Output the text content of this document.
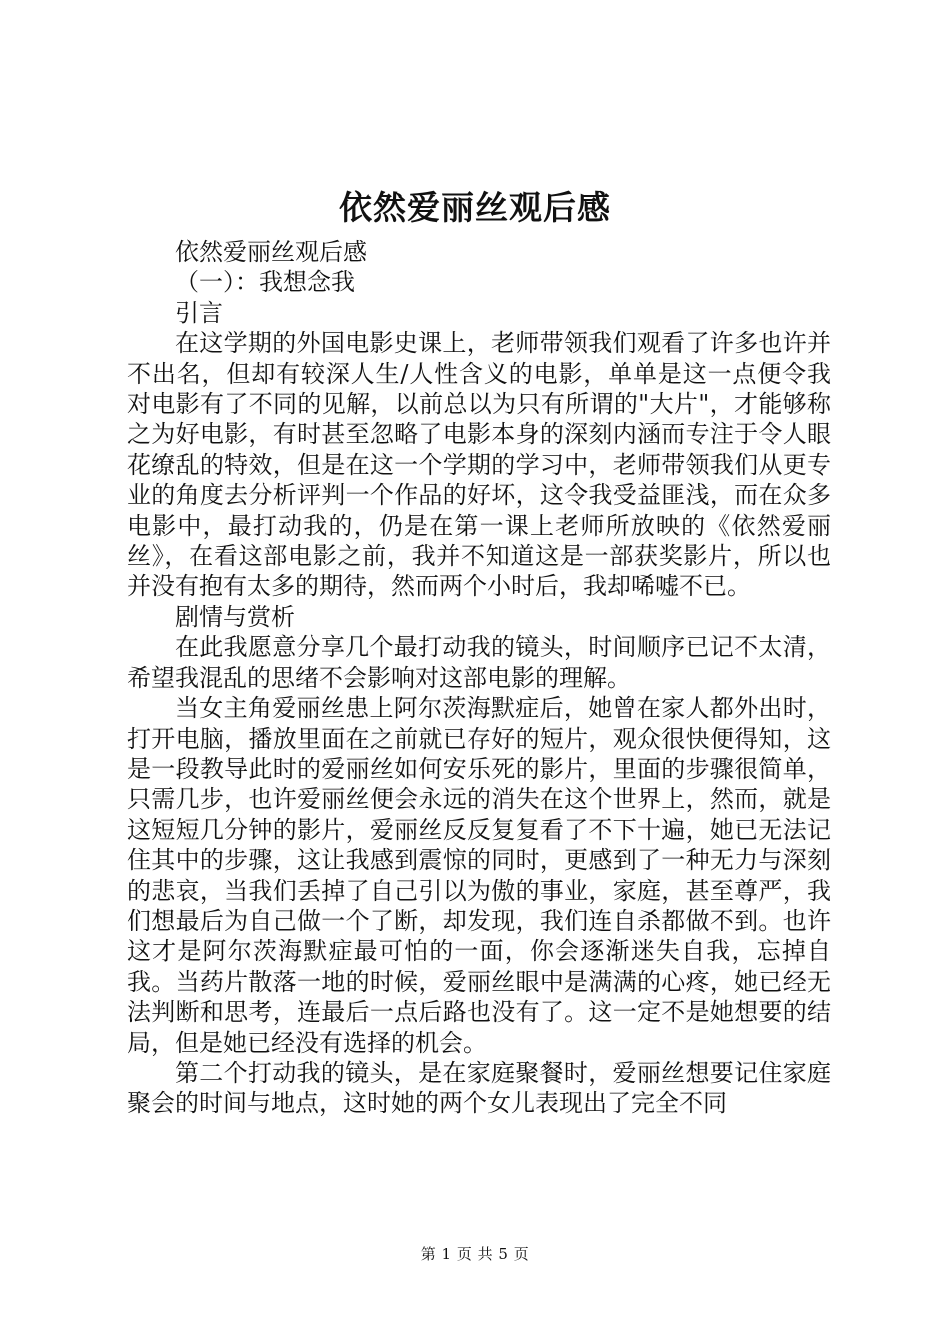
依然爱丽丝观后感

依然爱丽丝观后感

（一）：我想念我

引言

在这学期的外国电影史课上，老师带领我们观看了许多也许并不出名，但却有较深人生/人性含义的电影，单单是这一点便令我对电影有了不同的见解，以前总以为只有所谓的"大片"，才能够称之为好电影，有时甚至忽略了电影本身的深刻内涵而专注于令人眼花缭乱的特效，但是在这一个学期的学习中，老师带领我们从更专业的角度去分析评判一个作品的好坏，这令我受益匪浅，而在众多电影中，最打动我的，仍是在第一课上老师所放映的《依然爱丽丝》，在看这部电影之前，我并不知道这是一部获奖影片，所以也并没有抱有太多的期待，然而两个小时后，我却唏嘘不已。

剧情与赏析

在此我愿意分享几个最打动我的镜头，时间顺序已记不太清，希望我混乱的思绪不会影响对这部电影的理解。

当女主角爱丽丝患上阿尔茨海默症后，她曾在家人都外出时，打开电脑，播放里面在之前就已存好的短片，观众很快便得知，这是一段教导此时的爱丽丝如何安乐死的影片，里面的步骤很简单，只需几步，也许爱丽丝便会永远的消失在这个世界上，然而，就是这短短几分钟的影片，爱丽丝反反复复看了不下十遍，她已无法记住其中的步骤，这让我感到震惊的同时，更感到了一种无力与深刻的悲哀，当我们丢掉了自己引以为傲的事业，家庭，甚至尊严，我们想最后为自己做一个了断，却发现，我们连自杀都做不到。也许这才是阿尔茨海默症最可怕的一面，你会逐渐迷失自我，忘掉自我。当药片散落一地的时候，爱丽丝眼中是满满的心疼，她已经无法判断和思考，连最后一点后路也没有了。这一定不是她想要的结局，但是她已经没有选择的机会。

第二个打动我的镜头，是在家庭聚餐时，爱丽丝想要记住家庭聚会的时间与地点，这时她的两个女儿表现出了完全不同

第 1 页 共 5 页
